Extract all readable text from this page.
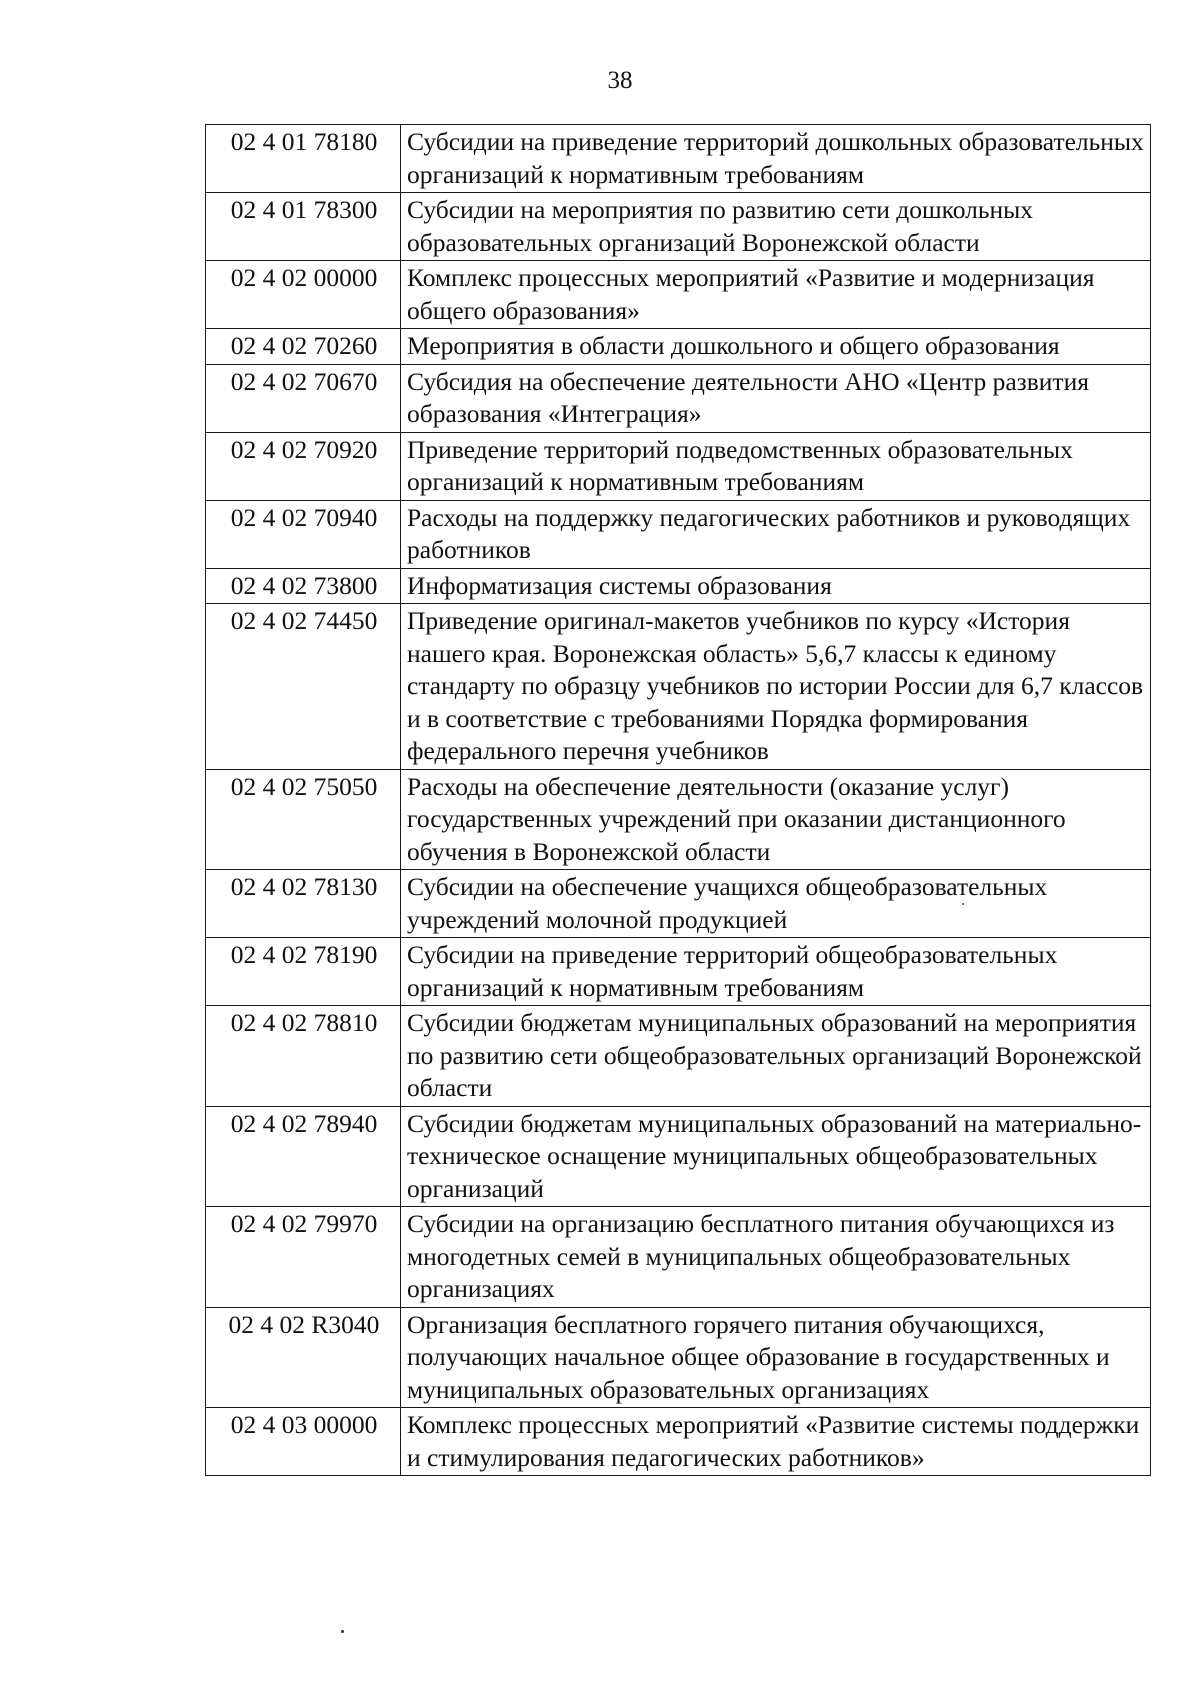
38
02 4 01 78180	Субсидии на приведение территорий дошкольных образовательных организаций к нормативным требованиям
02 4 01 78300	Субсидии на мероприятия по развитию сети дошкольных образовательных организаций Воронежской области
02 4 02 00000	Комплекс процессных мероприятий «Развитие и модернизация общего образования»
02 4 02 70260	Мероприятия в области дошкольного и общего образования
02 4 02 70670	Субсидия на обеспечение деятельности АНО «Центр развития образования «Интеграция»
02 4 02 70920	Приведение территорий подведомственных образовательных организаций к нормативным требованиям
02 4 02 70940	Расходы на поддержку педагогических работников и руководящих работников
02 4 02 73800	Информатизация системы образования
02 4 02 74450	Приведение оригинал-макетов учебников по курсу «История нашего края. Воронежская область» 5,6,7 классы к единому стандарту по образцу учебников по истории России для 6,7 классов и в соответствие с требованиями Порядка формирования федерального перечня учебников
02 4 02 75050	Расходы на обеспечение деятельности (оказание услуг) государственных учреждений при оказании дистанционного обучения в Воронежской области
02 4 02 78130	Субсидии на обеспечение учащихся общеобразовательных учреждений молочной продукцией
02 4 02 78190	Субсидии на приведение территорий общеобразовательных организаций к нормативным требованиям
02 4 02 78810	Субсидии бюджетам муниципальных образований на мероприятия по развитию сети общеобразовательных организаций Воронежской области
02 4 02 78940	Субсидии бюджетам муниципальных образований на материально-техническое оснащение муниципальных общеобразовательных организаций
02 4 02 79970	Субсидии на организацию бесплатного питания обучающихся из многодетных семей в муниципальных общеобразовательных организациях
02 4 02 R3040	Организация бесплатного горячего питания обучающихся, получающих начальное общее образование в государственных и муниципальных образовательных организациях
02 4 03 00000	Комплекс процессных мероприятий «Развитие системы поддержки и стимулирования педагогических работников»
